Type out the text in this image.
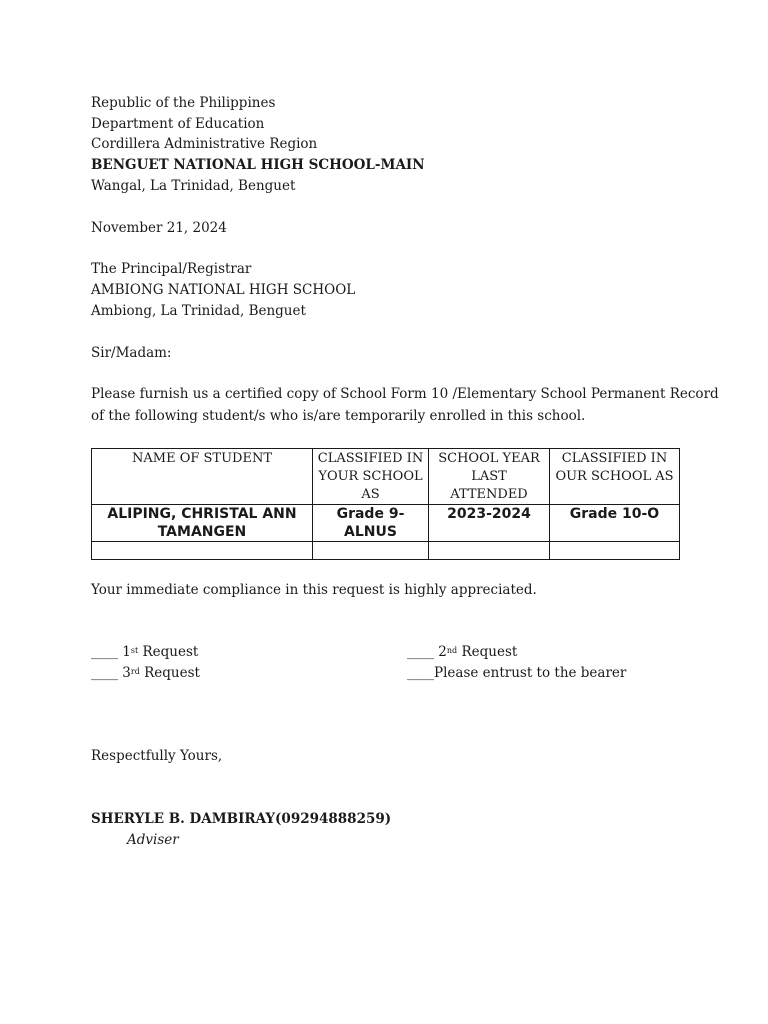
Republic of the Philippines
Department of Education
Cordillera Administrative Region
BENGUET NATIONAL HIGH SCHOOL-MAIN
Wangal, La Trinidad, Benguet
November 21, 2024
The Principal/Registrar
AMBIONG NATIONAL HIGH SCHOOL
Ambiong, La Trinidad, Benguet
Sir/Madam:
Please furnish us a certified copy of School Form 10 /Elementary School Permanent Record
of the following student/s who is/are temporarily enrolled in this school.
NAME OF STUDENT	CLASSIFIED IN YOUR SCHOOL AS	SCHOOL YEAR LAST ATTENDED	CLASSIFIED IN OUR SCHOOL AS
ALIPING, CHRISTAL ANN TAMANGEN	Grade 9- ALNUS	2023-2024	Grade 10-O

Your immediate compliance in this request is highly appreciated.
____ 1st Request	____ 2nd Request
____ 3rd Request	____Please entrust to the bearer
Respectfully Yours,
SHERYLE B. DAMBIRAY(09294888259)
Adviser
